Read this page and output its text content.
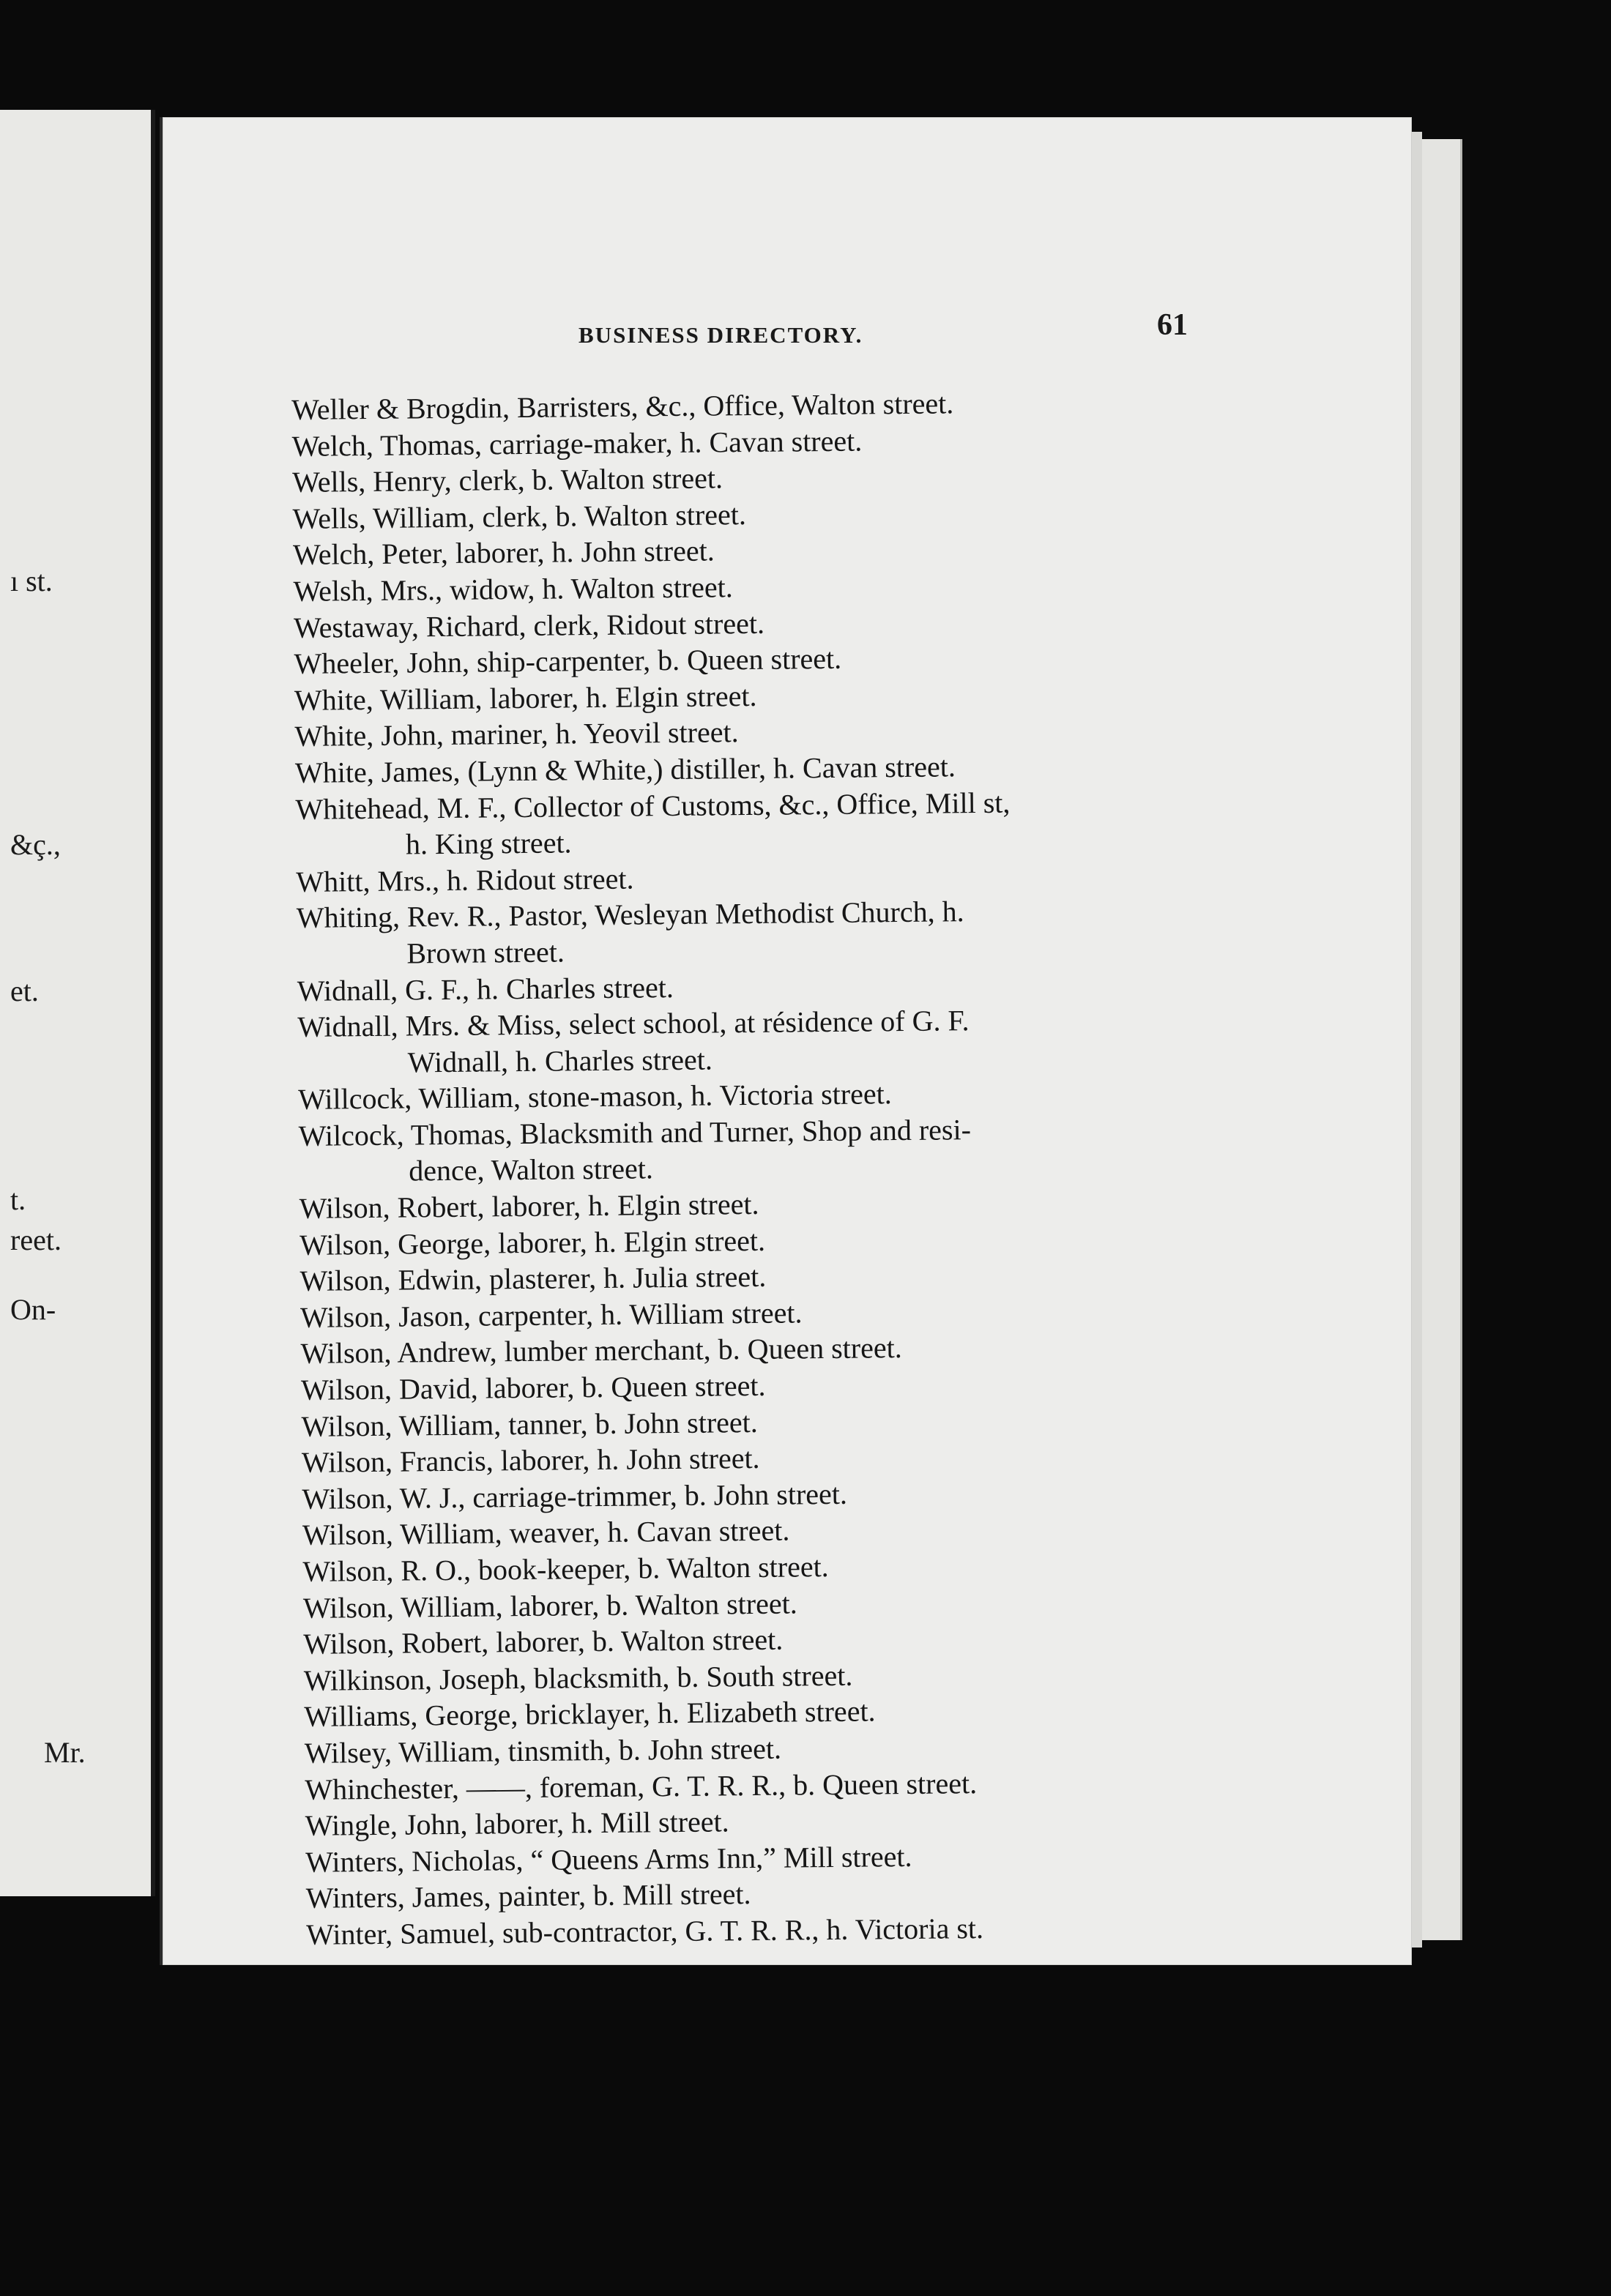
ı st.
&ç.,
et.
t.
reet.
On-
Mr.
BUSINESS DIRECTORY.	61
Weller & Brogdin, Barristers, &c., Office, Walton street.
Welch, Thomas, carriage-maker, h. Cavan street.
Wells, Henry, clerk, b. Walton street.
Wells, William, clerk, b. Walton street.
Welch, Peter, laborer, h. John street.
Welsh, Mrs., widow, h. Walton street.
Westaway, Richard, clerk, Ridout street.
Wheeler, John, ship-carpenter, b. Queen street.
White, William, laborer, h. Elgin street.
White, John, mariner, h. Yeovil street.
White, James, (Lynn & White,) distiller, h. Cavan street.
Whitehead, M. F., Collector of Customs, &c., Office, Mill st,
h. King street.
Whitt, Mrs., h. Ridout street.
Whiting, Rev. R., Pastor, Wesleyan Methodist Church, h.
Brown street.
Widnall, G. F., h. Charles street.
Widnall, Mrs. & Miss, select school, at résidence of G. F.
Widnall, h. Charles street.
Willcock, William, stone-mason, h. Victoria street.
Wilcock, Thomas, Blacksmith and Turner, Shop and resi-
dence, Walton street.
Wilson, Robert, laborer, h. Elgin street.
Wilson, George, laborer, h. Elgin street.
Wilson, Edwin, plasterer, h. Julia street.
Wilson, Jason, carpenter, h. William street.
Wilson, Andrew, lumber merchant, b. Queen street.
Wilson, David, laborer, b. Queen street.
Wilson, William, tanner, b. John street.
Wilson, Francis, laborer, h. John street.
Wilson, W. J., carriage-trimmer, b. John street.
Wilson, William, weaver, h. Cavan street.
Wilson, R. O., book-keeper, b. Walton street.
Wilson, William, laborer, b. Walton street.
Wilson, Robert, laborer, b. Walton street.
Wilkinson, Joseph, blacksmith, b. South street.
Williams, George, bricklayer, h. Elizabeth street.
Wilsey, William, tinsmith, b. John street.
Whinchester, ——, foreman, G. T. R. R., b. Queen street.
Wingle, John, laborer, h. Mill street.
Winters, Nicholas, “ Queens Arms Inn,” Mill street.
Winters, James, painter, b. Mill street.
Winter, Samuel, sub-contractor, G. T. R. R., h. Victoria st.
